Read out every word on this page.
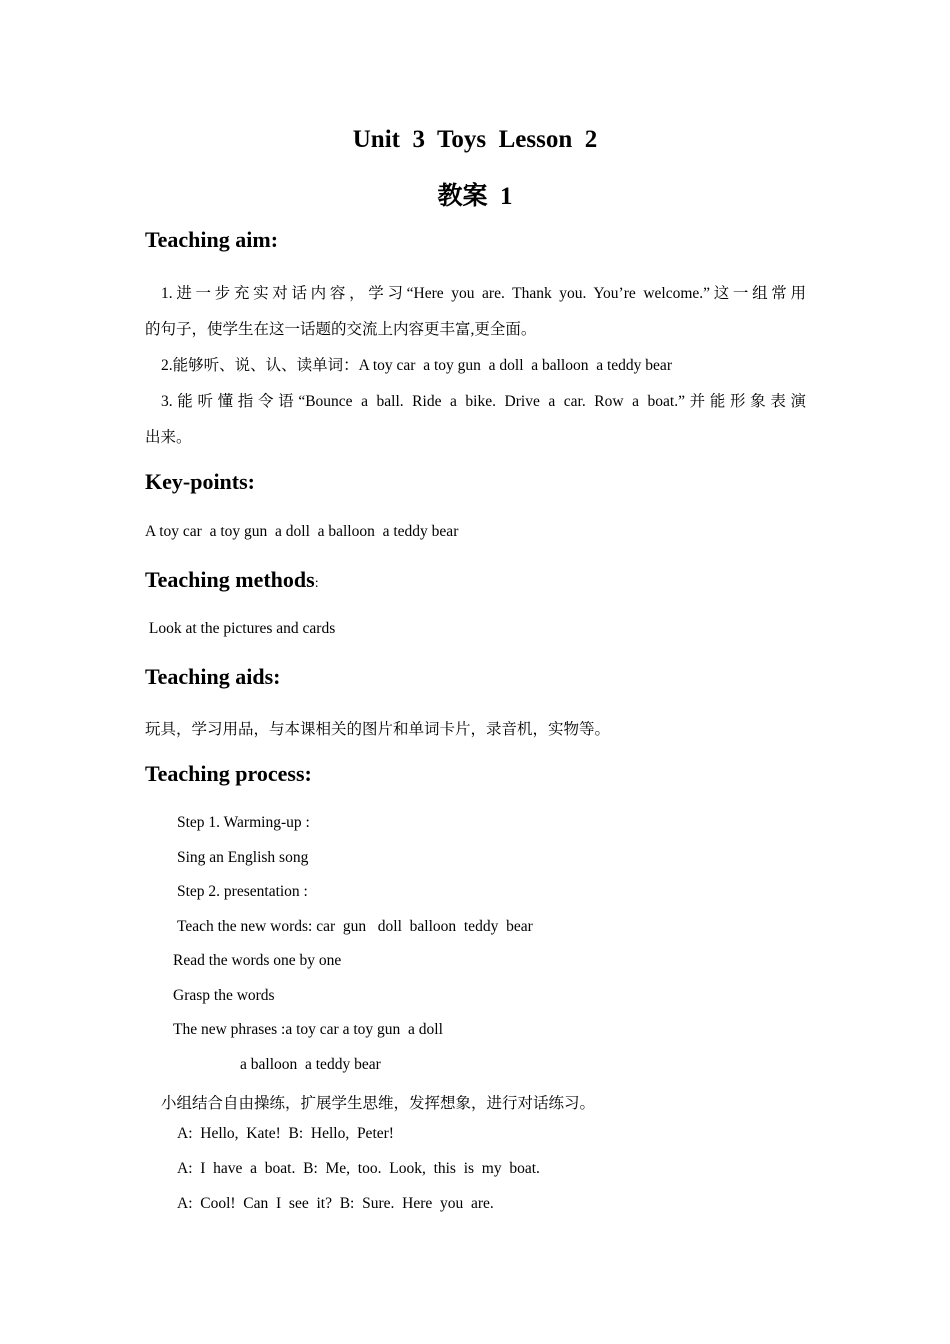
Unit  3  Toys  Lesson  2
教案  1
Teaching aim:
1.进一步充实对话内容，学习“Here you are. Thank you. You’re welcome.”这一组常用
的句子，使学生在这一话题的交流上内容更丰富,更全面。
2.能够听、说、认、读单词：A toy car  a toy gun  a doll  a balloon  a teddy bear
3.能听懂指令语“Bounce a ball. Ride a bike. Drive a car. Row a boat.”并能形象表演
出来。
Key-points:
A toy car  a toy gun  a doll  a balloon  a teddy bear
Teaching methods:
Look at the pictures and cards
Teaching aids:
玩具，学习用品，与本课相关的图片和单词卡片，录音机，实物等。
Teaching process:
Step 1. Warming-up :
Sing an English song
Step 2. presentation :
Teach the new words: car  gun   doll  balloon  teddy  bear
Read the words one by one
Grasp the words
The new phrases :a toy car a toy gun  a doll
a balloon  a teddy bear
小组结合自由操练，扩展学生思维，发挥想象，进行对话练习。
A:  Hello,  Kate!  B:  Hello,  Peter!
A:  I  have  a  boat.  B:  Me,  too.  Look,  this  is  my  boat.
A:  Cool!  Can  I  see  it?  B:  Sure.  Here  you  are.
